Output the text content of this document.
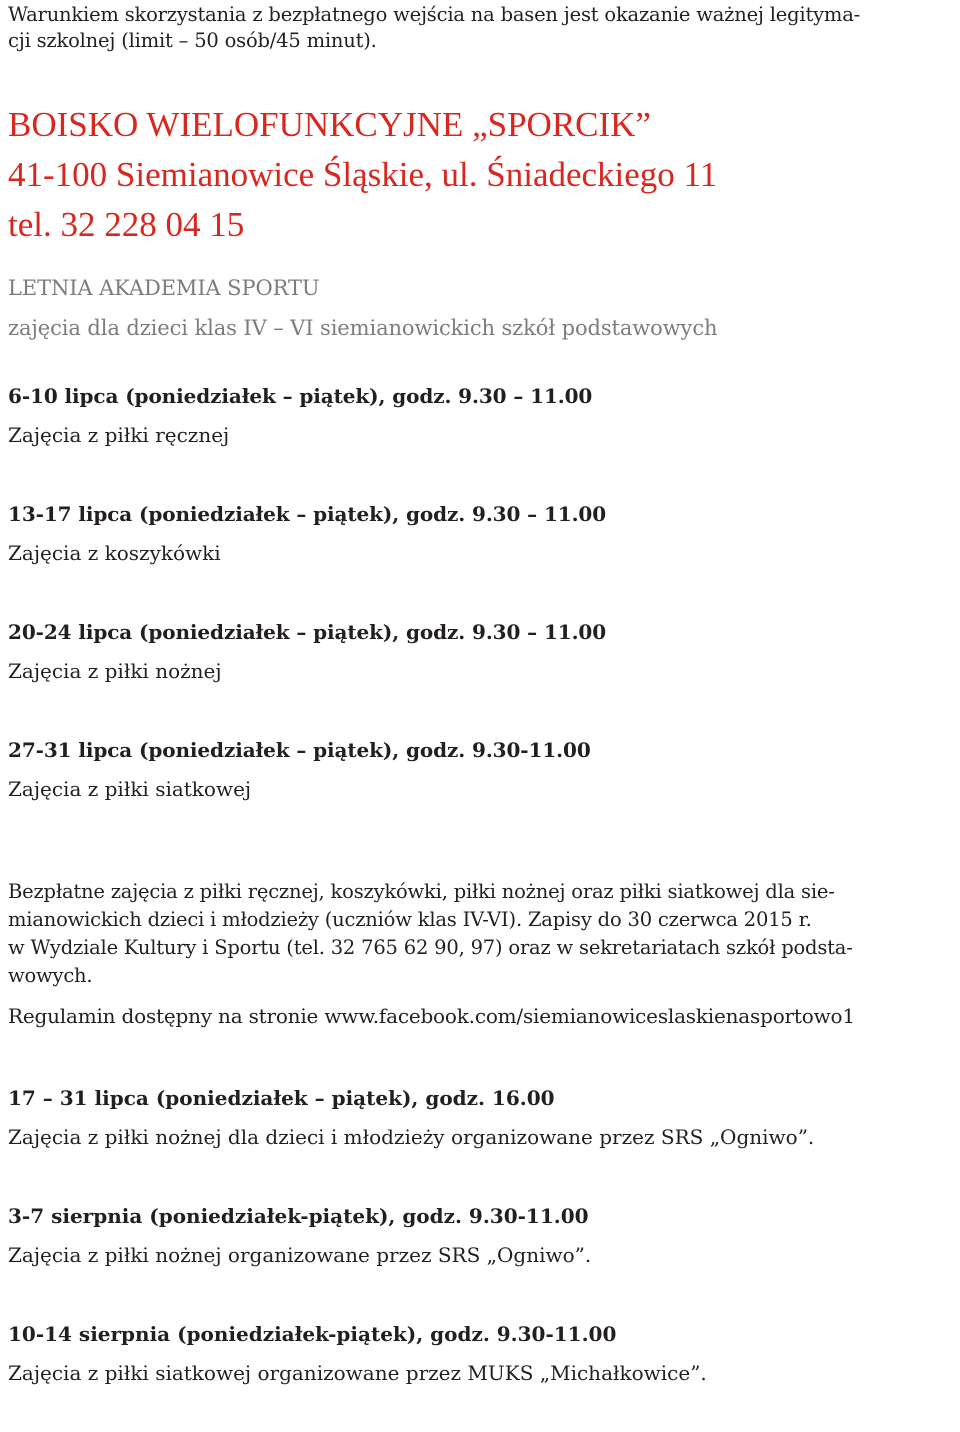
Warunkiem skorzystania z bezpłatnego wejścia na basen jest okazanie ważnej legityma-
cji szkolnej (limit – 50 osób/45 minut).

BOISKO WIELOFUNKCYJNE „SPORCIK”
41-100 Siemianowice Śląskie, ul. Śniadeckiego 11
tel. 32 228 04 15
LETNIA AKADEMIA SPORTU
zajęcia dla dzieci klas IV – VI siemianowickich szkół podstawowych
6-10 lipca (poniedziałek – piątek), godz. 9.30 – 11.00
Zajęcia z piłki ręcznej
13-17 lipca (poniedziałek – piątek), godz. 9.30 – 11.00
Zajęcia z koszykówki
20-24 lipca (poniedziałek – piątek), godz. 9.30 – 11.00
Zajęcia z piłki nożnej
27-31 lipca (poniedziałek – piątek), godz. 9.30-11.00
Zajęcia z piłki siatkowej

Bezpłatne zajęcia z piłki ręcznej, koszykówki, piłki nożnej oraz piłki siatkowej dla sie-
mianowickich dzieci i młodzieży (uczniów klas IV-VI). Zapisy do 30 czerwca 2015 r.
w Wydziale Kultury i Sportu (tel. 32 765 62 90, 97) oraz w sekretariatach szkół podsta-
wowych.

Regulamin dostępny na stronie www.facebook.com/siemianowiceslaskienasportowo1
17 – 31 lipca (poniedziałek – piątek), godz. 16.00
Zajęcia z piłki nożnej dla dzieci i młodzieży organizowane przez SRS „Ogniwo”.
3-7 sierpnia (poniedziałek-piątek), godz. 9.30-11.00
Zajęcia z piłki nożnej organizowane przez SRS „Ogniwo”.
10-14 sierpnia (poniedziałek-piątek), godz. 9.30-11.00
Zajęcia z piłki siatkowej organizowane przez MUKS „Michałkowice”.
